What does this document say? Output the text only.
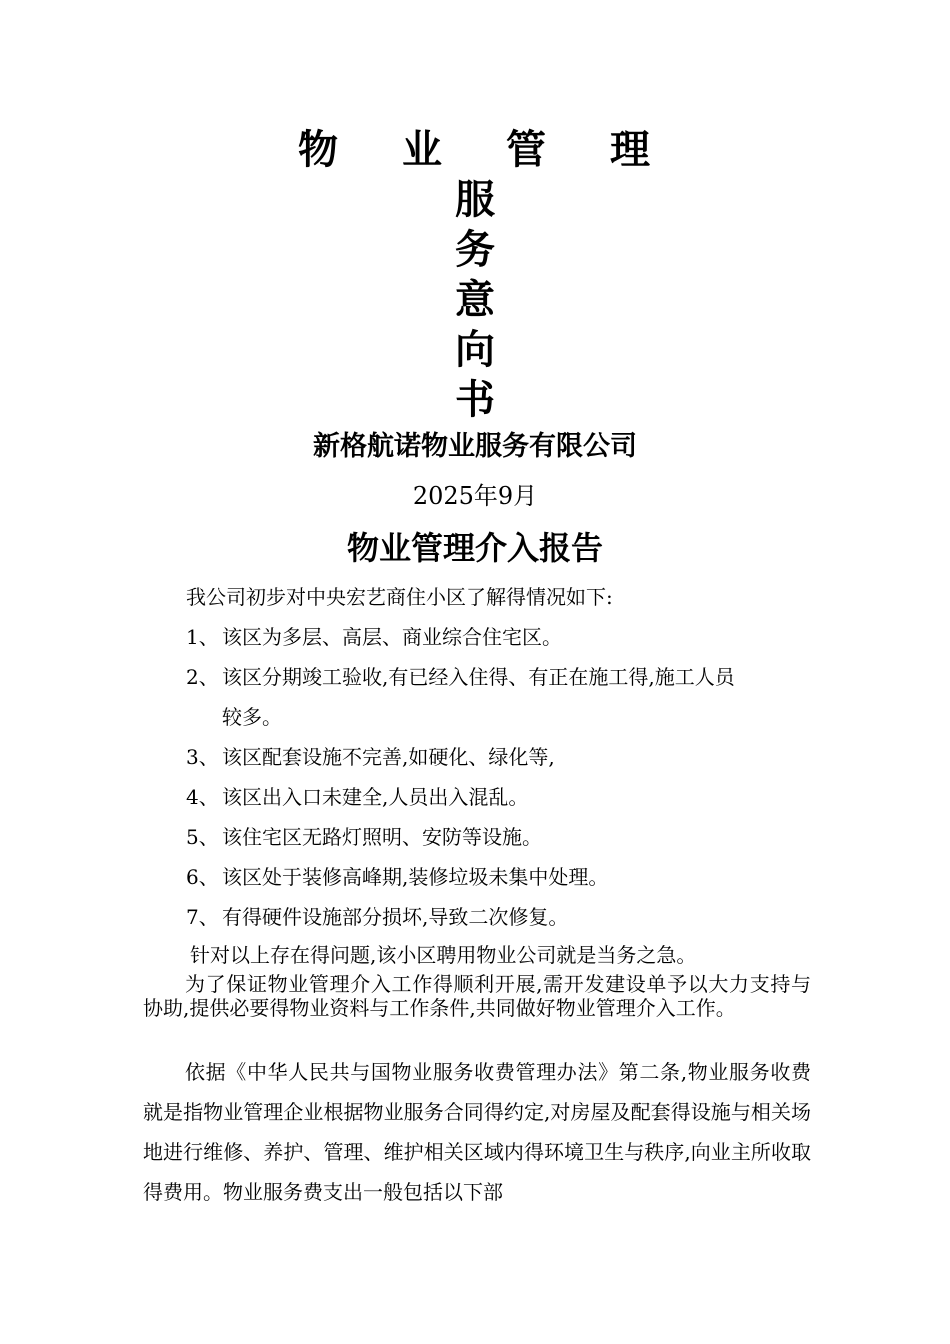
物 业 管 理
服
务
意
向
书
新格航诺物业服务有限公司
2025年9月
物业管理介入报告
我公司初步对中央宏艺商住小区了解得情况如下:
1、 该区为多层、高层、商业综合住宅区。
2、 该区分期竣工验收,有已经入住得、有正在施工得,施工人员
较多。
3、 该区配套设施不完善,如硬化、绿化等,
4、 该区出入口未建全,人员出入混乱。
5、 该住宅区无路灯照明、安防等设施。
6、 该区处于装修高峰期,装修垃圾未集中处理。
7、 有得硬件设施部分损坏,导致二次修复。
针对以上存在得问题,该小区聘用物业公司就是当务之急。
为了保证物业管理介入工作得顺利开展,需开发建设单予以大力支持与协助,提供必要得物业资料与工作条件,共同做好物业管理介入工作。
依据《中华人民共与国物业服务收费管理办法》第二条,物业服务收费就是指物业管理企业根据物业服务合同得约定,对房屋及配套得设施与相关场地进行维修、养护、管理、维护相关区域内得环境卫生与秩序,向业主所收取得费用。物业服务费支出一般包括以下部
